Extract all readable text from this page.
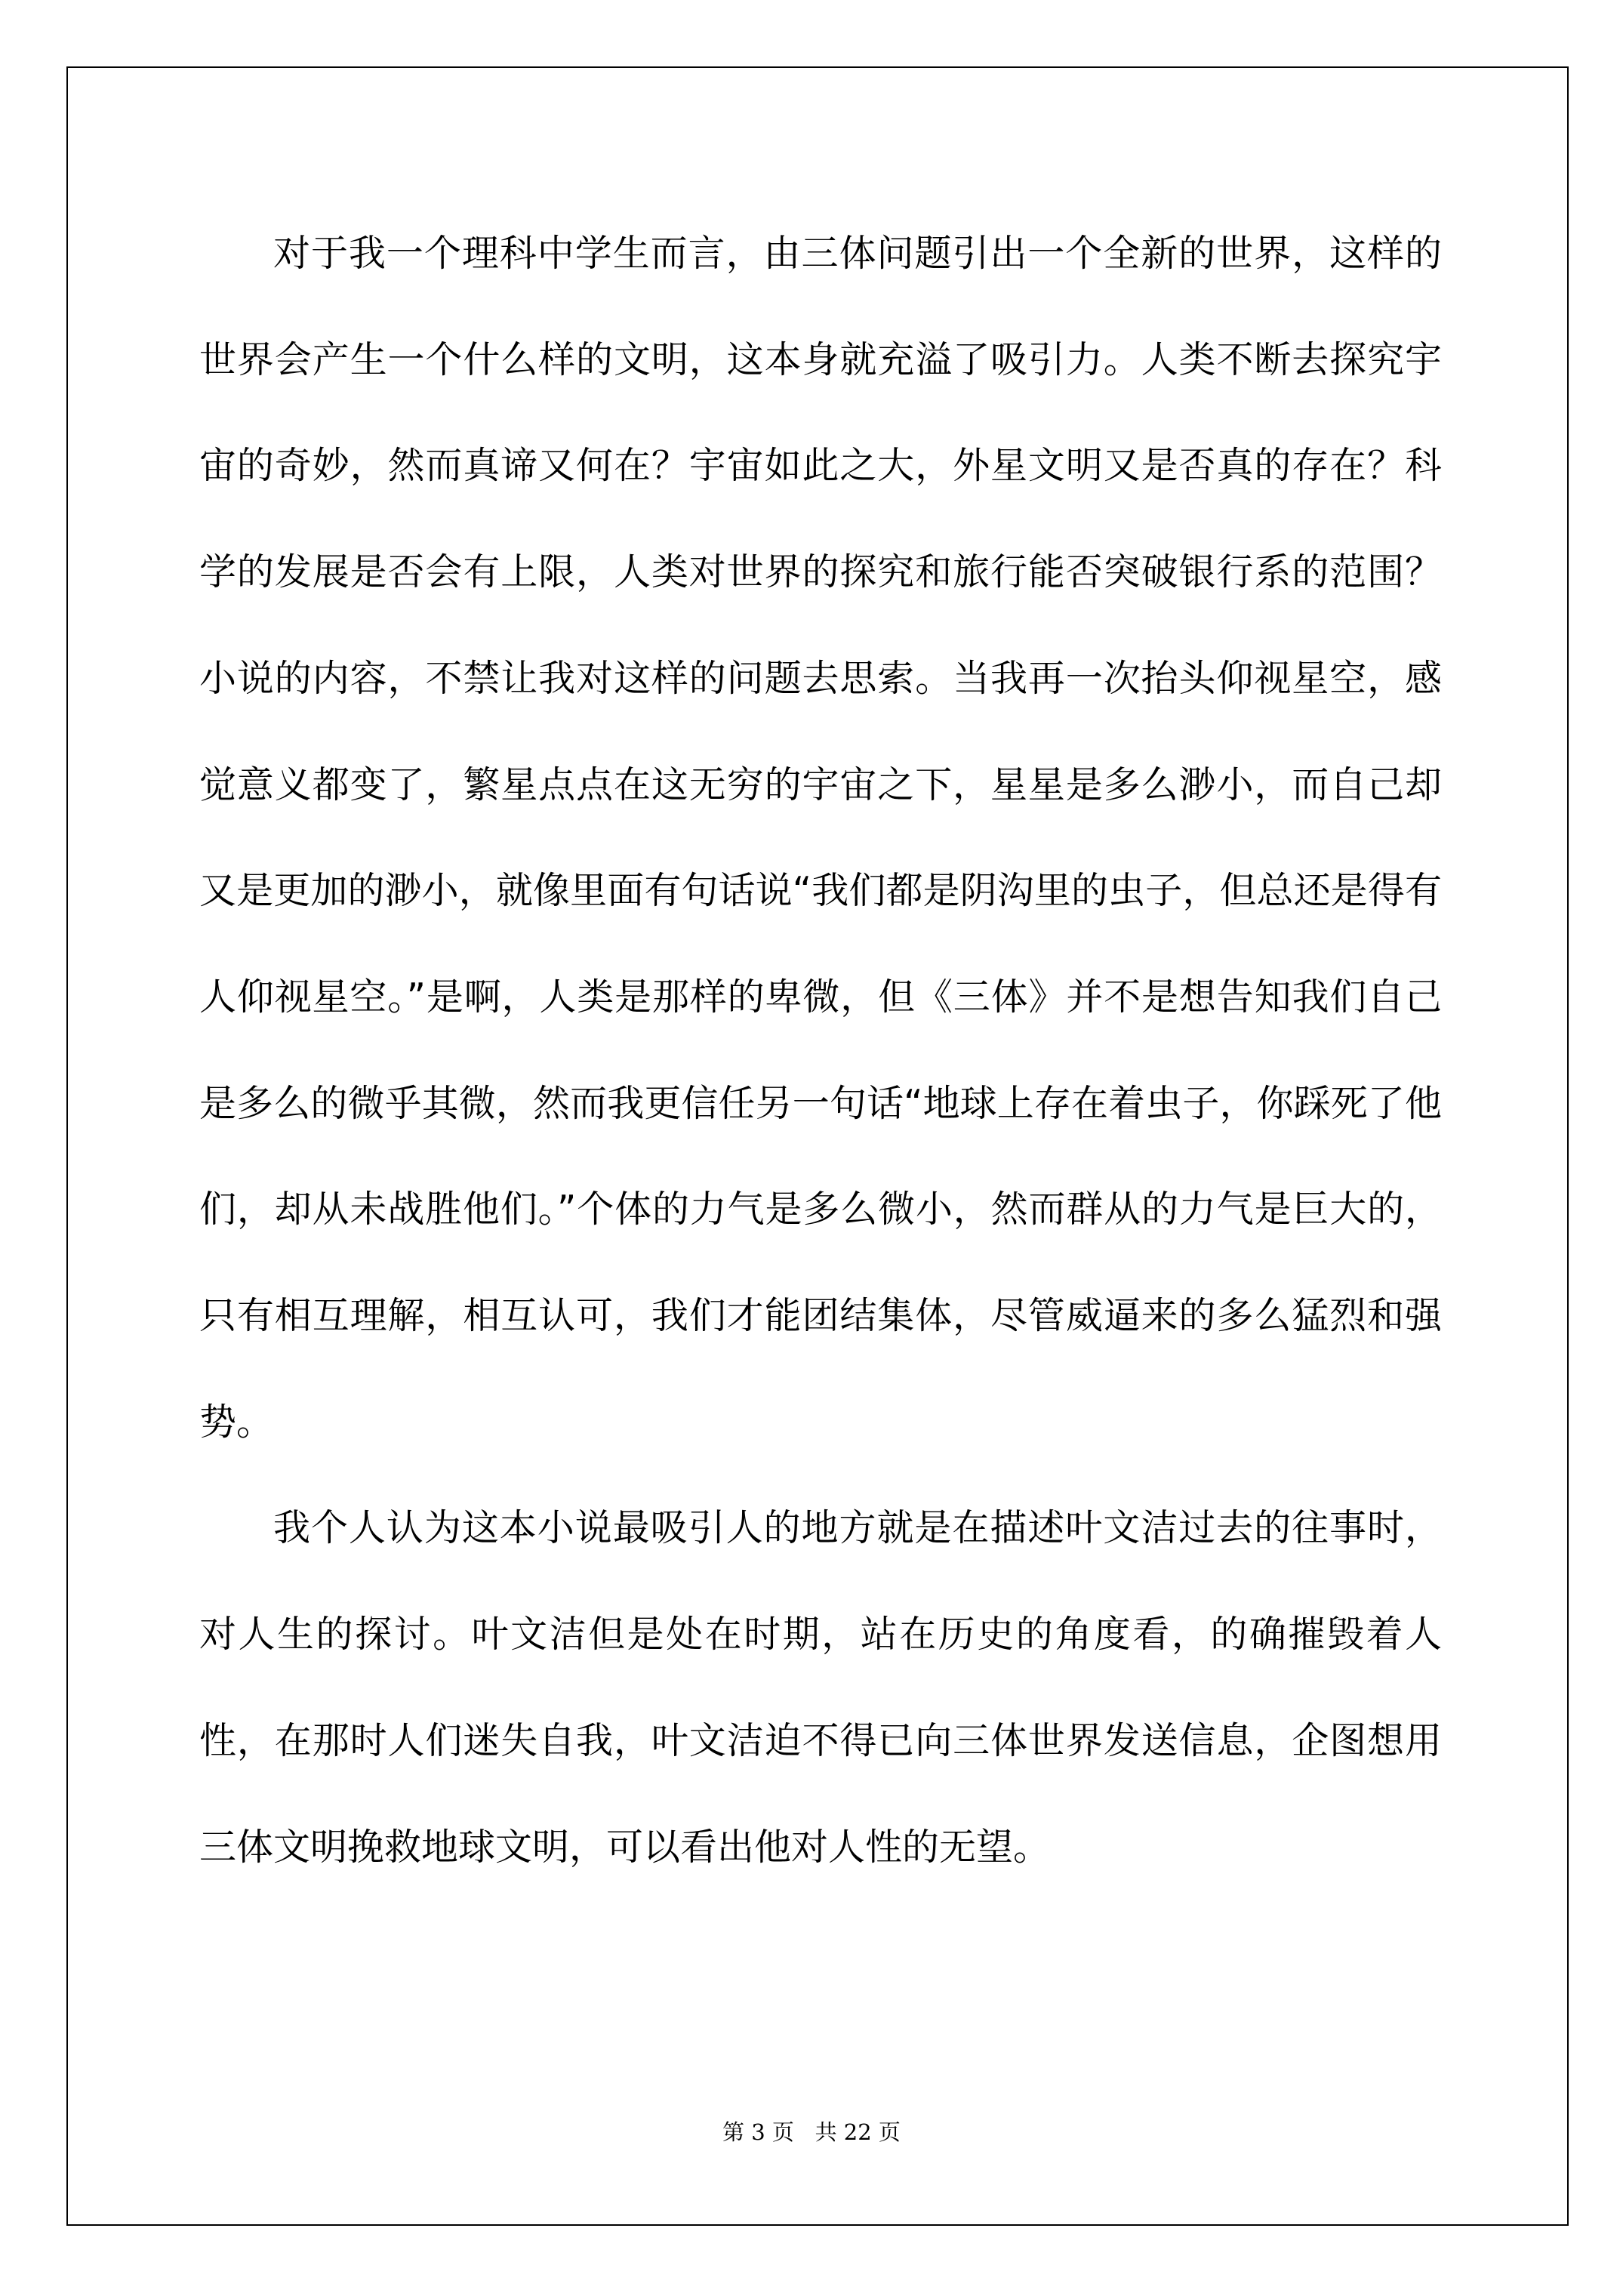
对于我一个理科中学生而言，由三体问题引出一个全新的世界，这样的世界会产生一个什么样的文明，这本身就充溢了吸引力。人类不断去探究宇宙的奇妙，然而真谛又何在？宇宙如此之大，外星文明又是否真的存在？科学的发展是否会有上限，人类对世界的探究和旅行能否突破银行系的范围？小说的内容，不禁让我对这样的问题去思索。当我再一次抬头仰视星空，感觉意义都变了，繁星点点在这无穷的宇宙之下，星星是多么渺小，而自己却又是更加的渺小，就像里面有句话说“我们都是阴沟里的虫子，但总还是得有人仰视星空。”是啊，人类是那样的卑微，但《三体》并不是想告知我们自己是多么的微乎其微，然而我更信任另一句话“地球上存在着虫子，你踩死了他们，却从未战胜他们。”个体的力气是多么微小，然而群从的力气是巨大的，只有相互理解，相互认可，我们才能团结集体，尽管威逼来的多么猛烈和强势。

我个人认为这本小说最吸引人的地方就是在描述叶文洁过去的往事时，对人生的探讨。叶文洁但是处在时期，站在历史的角度看，的确摧毁着人性，在那时人们迷失自我，叶文洁迫不得已向三体世界发送信息，企图想用三体文明挽救地球文明，可以看出他对人性的无望。

第 3 页   共 22 页
